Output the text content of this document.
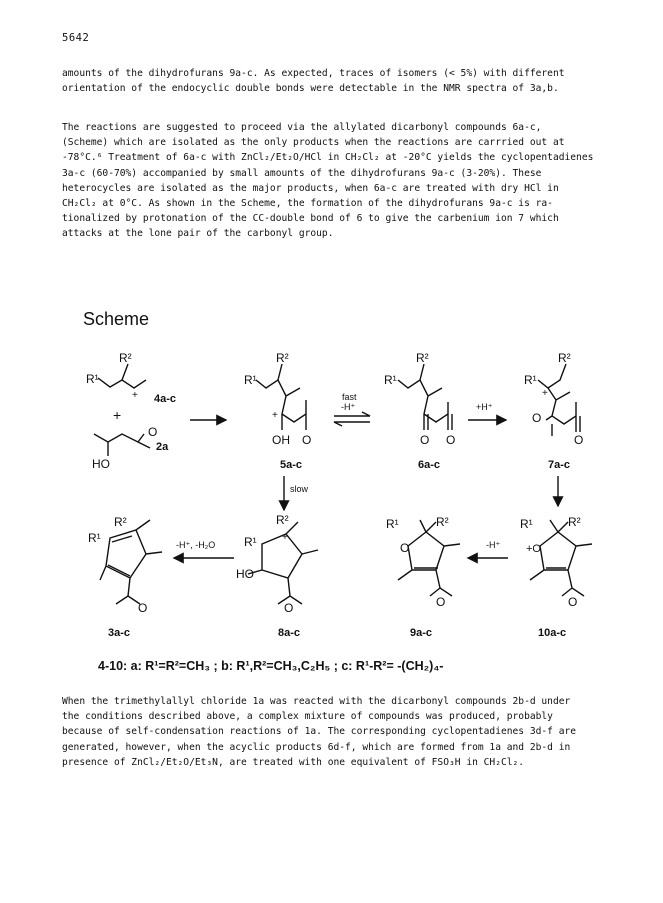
5642
amounts of the dihydrofurans 9a-c. As expected, traces of isomers (< 5%) with different
orientation of the endocyclic double bonds were detectable in the NMR spectra of 3a,b.
The reactions are suggested to proceed via the allylated dicarbonyl compounds 6a-c,
(Scheme) which are isolated as the only products when the reactions are carrried out at
-78°C.⁶ Treatment of 6a-c with ZnCl₂/Et₂O/HCl in CH₂Cl₂ at -20°C yields the cyclopentadienes
3a-c (60-70%) accompanied by small amounts of the dihydrofurans 9a-c (3-20%). These
heterocycles are isolated as the major products, when 6a-c are treated with dry HCl in
CH₂Cl₂ at 0°C. As shown in the Scheme, the formation of the dihydrofurans 9a-c is ra-
tionalized by protonation of the CC-double bond of 6 to give the carbenium ion 7 which
attacks at the lone pair of the carbonyl group.
Scheme
R¹
R²
+ 4a-c
+
O
HO
2a
R¹
R²
+
OH O
5a-c
fast
-H⁺
R¹
R²
O O
6a-c
+H⁺
R¹
R²
+
O
O
7a-c
slow
R¹
R²
O
3a-c
-H⁺, -H₂O R¹
R²
+
HO
O
8a-c
R¹	R²
O
O
9a-c
-H⁺
R¹	R²
+O
O
10a-c
4-10: a: R¹=R²=CH₃ ; b: R¹,R²=CH₃,C₂H₅ ; c: R¹-R²= -(CH₂)₄-
When the trimethylallyl chloride 1a was reacted with the dicarbonyl compounds 2b-d under
the conditions described above, a complex mixture of compounds was produced, probably
because of self-condensation reactions of 1a. The corresponding cyclopentadienes 3d-f are
generated, however, when the acyclic products 6d-f, which are formed from 1a and 2b-d in
presence of ZnCl₂/Et₂O/Et₃N, are treated with one equivalent of FSO₃H in CH₂Cl₂.
